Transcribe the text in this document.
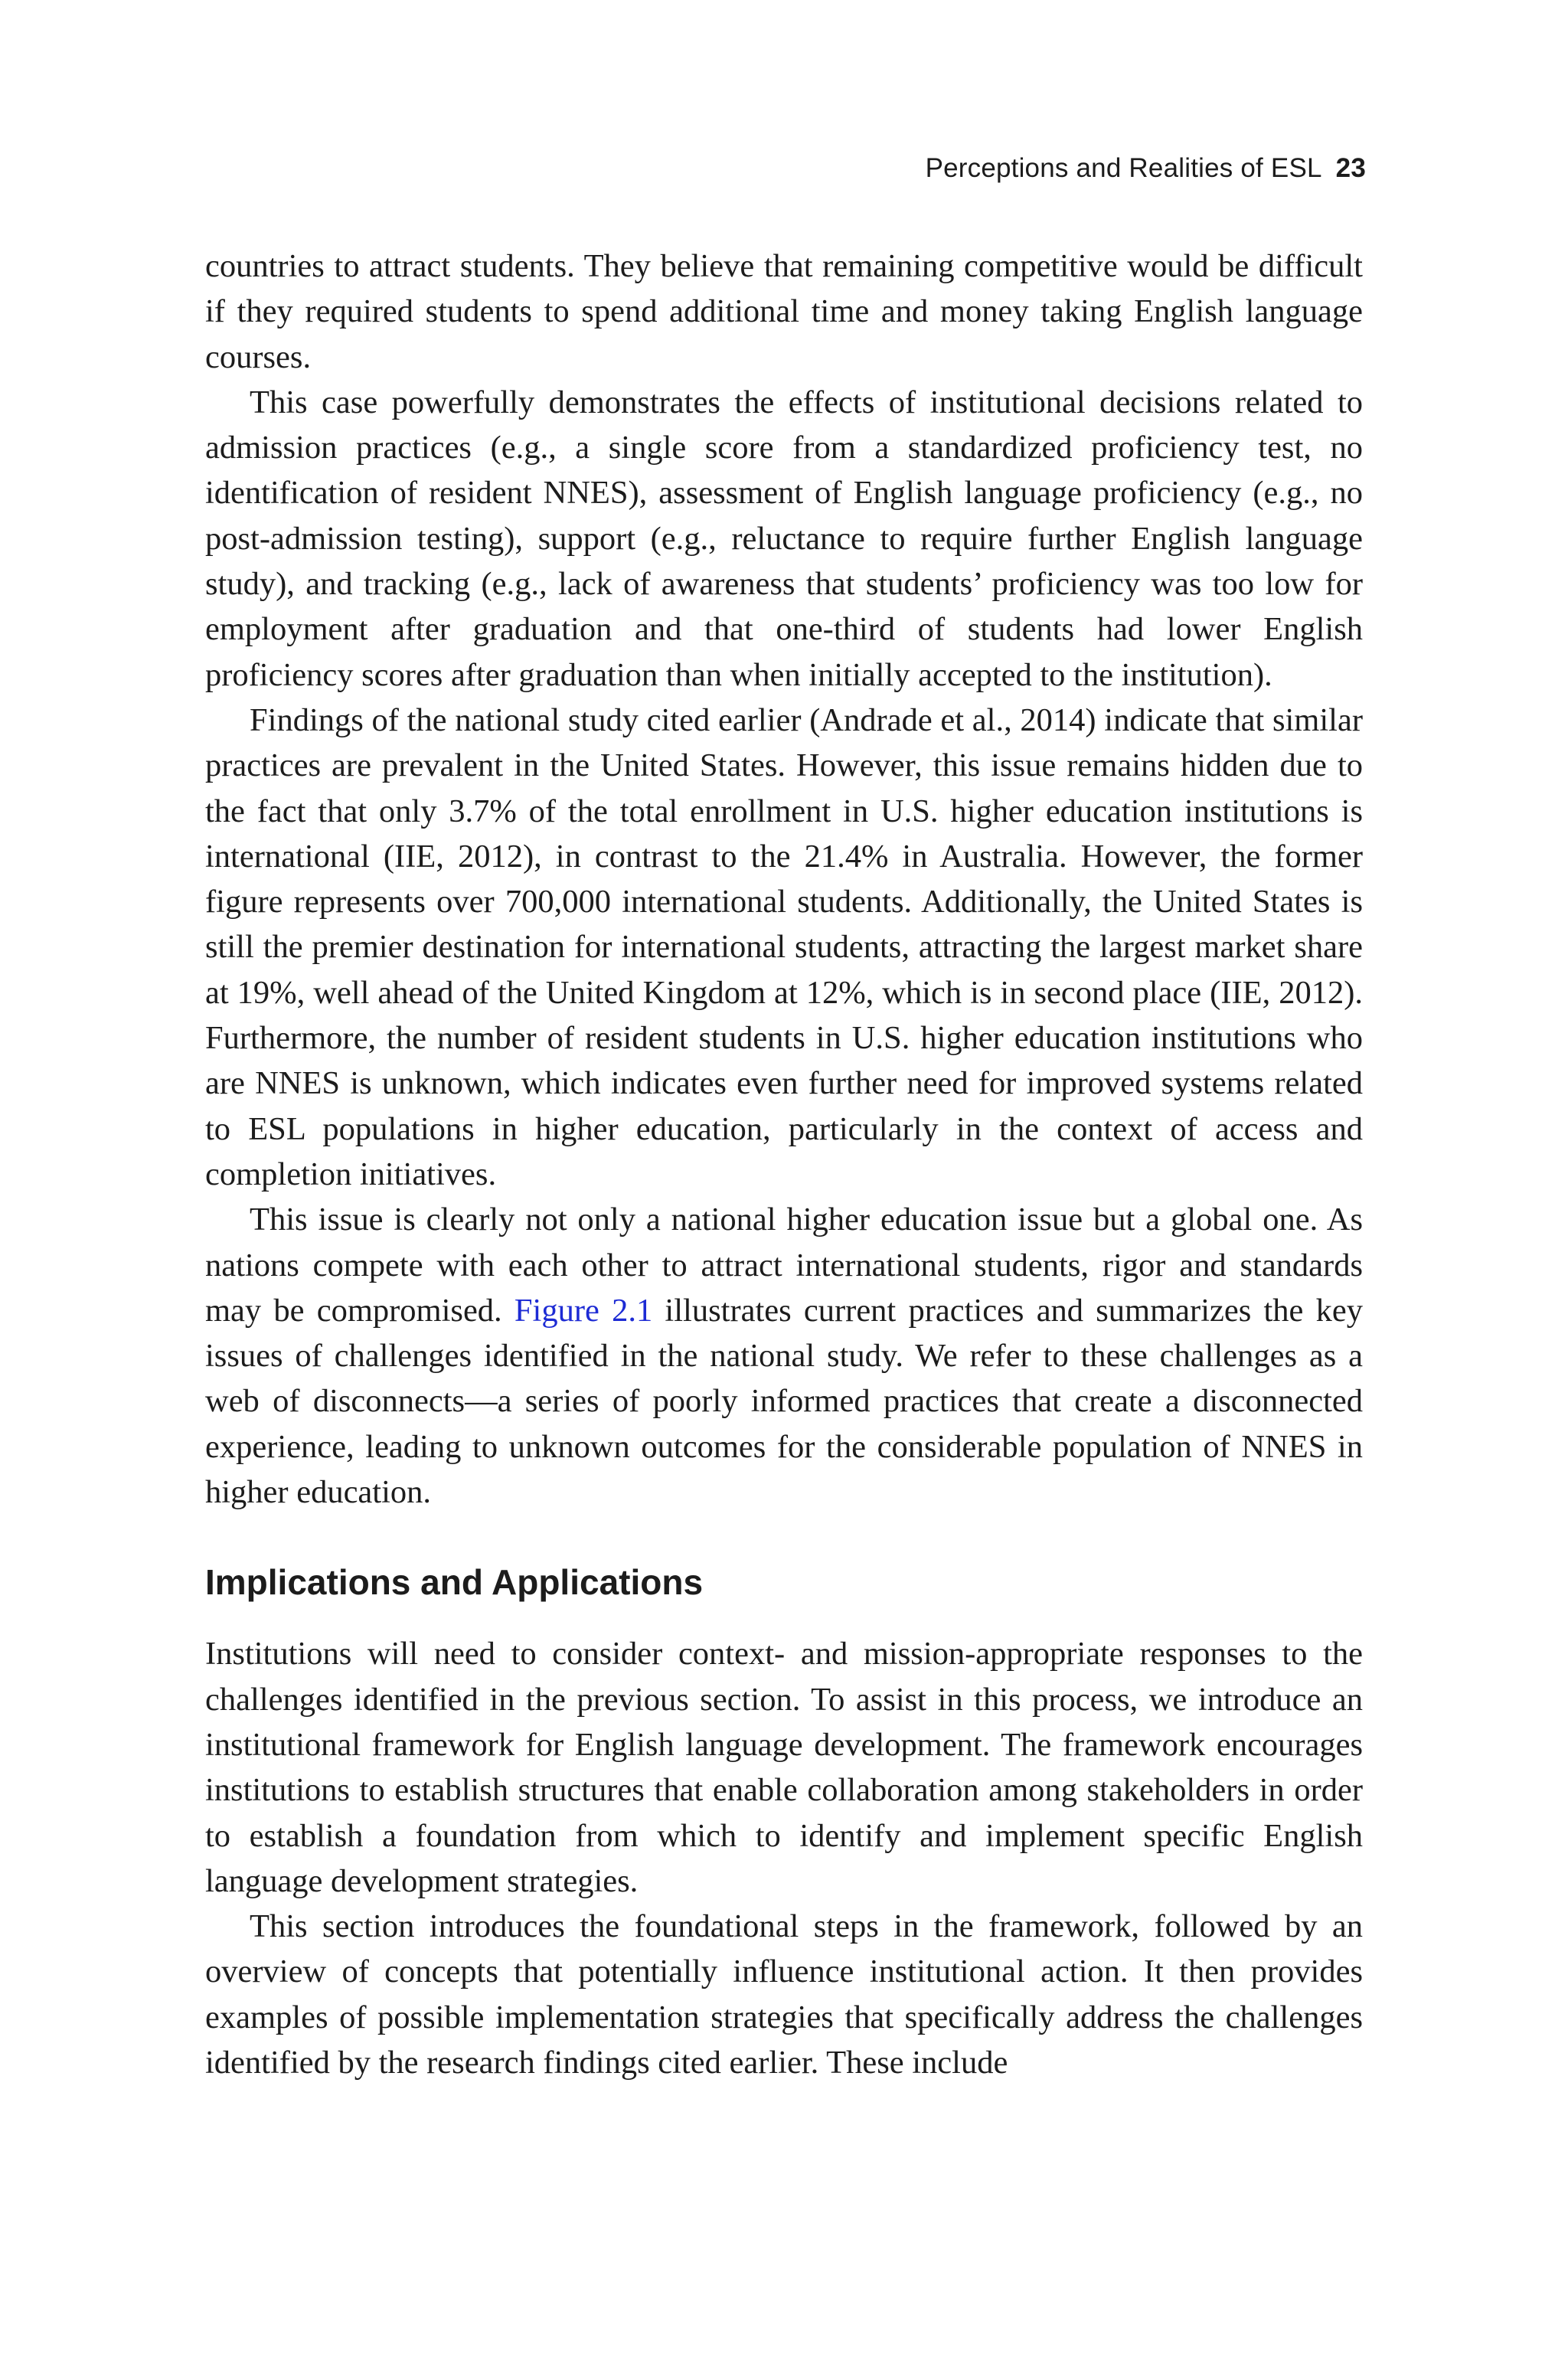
Perceptions and Realities of ESL 23

countries to attract students. They believe that remaining competitive would be difficult if they required students to spend additional time and money taking English language courses.

This case powerfully demonstrates the effects of institutional decisions related to admission practices (e.g., a single score from a standardized proficiency test, no identification of resident NNES), assessment of English language proficiency (e.g., no post-admission testing), support (e.g., reluctance to require further English language study), and tracking (e.g., lack of awareness that students’ proficiency was too low for employment after graduation and that one-third of students had lower English proficiency scores after graduation than when initially accepted to the institution).

Findings of the national study cited earlier (Andrade et al., 2014) indicate that similar practices are prevalent in the United States. However, this issue remains hidden due to the fact that only 3.7% of the total enrollment in U.S. higher education institutions is international (IIE, 2012), in contrast to the 21.4% in Australia. However, the former figure represents over 700,000 international students. Additionally, the United States is still the premier destination for international students, attracting the largest market share at 19%, well ahead of the United Kingdom at 12%, which is in second place (IIE, 2012). Furthermore, the number of resident students in U.S. higher education institutions who are NNES is unknown, which indicates even further need for improved systems related to ESL populations in higher education, particularly in the context of access and completion initiatives.

This issue is clearly not only a national higher education issue but a global one. As nations compete with each other to attract international students, rigor and standards may be compromised. Figure 2.1 illustrates current practices and summarizes the key issues of challenges identified in the national study. We refer to these challenges as a web of disconnects—a series of poorly informed practices that create a disconnected experience, leading to unknown outcomes for the considerable population of NNES in higher education.

Implications and Applications

Institutions will need to consider context- and mission-appropriate responses to the challenges identified in the previous section. To assist in this process, we introduce an institutional framework for English language development. The framework encourages institutions to establish structures that enable collaboration among stakeholders in order to establish a foundation from which to identify and implement specific English language development strategies.

This section introduces the foundational steps in the framework, followed by an overview of concepts that potentially influence institutional action. It then provides examples of possible implementation strategies that specifically address the challenges identified by the research findings cited earlier. These include
